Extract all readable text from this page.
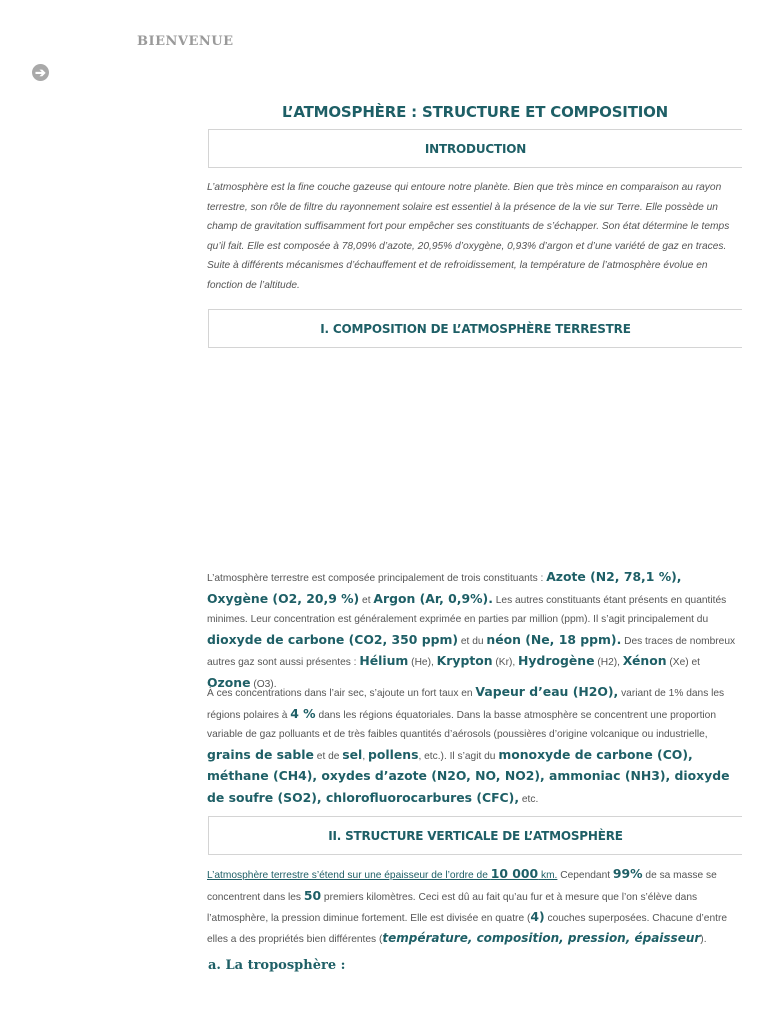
BIENVENUE
➔
L’ATMOSPHÈRE : STRUCTURE ET COMPOSITION
INTRODUCTION

L’atmosphère est la fine couche gazeuse qui entoure notre planète. Bien que très mince en comparaison au rayon terrestre, son rôle de filtre du rayonnement solaire est essentiel à la présence de la vie sur Terre. Elle possède un champ de gravitation suffisamment fort pour empêcher ses constituants de s’échapper. Son état détermine le temps qu’il fait. Elle est composée à 78,09% d’azote, 20,95% d’oxygène, 0,93% d’argon et d’une variété de gaz en traces. Suite à différents mécanismes d’échauffement et de refroidissement, la température de l’atmosphère évolue en fonction de l’altitude.

I. COMPOSITION DE L’ATMOSPHÈRE TERRESTRE

L’atmosphère terrestre est composée principalement de trois constituants : Azote (N2, 78,1 %), Oxygène (O2, 20,9 %) et Argon (Ar, 0,9%). Les autres constituants étant présents en quantités minimes. Leur concentration est généralement exprimée en parties par million (ppm). Il s’agit principalement du dioxyde de carbone (CO2, 350 ppm) et du néon (Ne, 18 ppm). Des traces de nombreux autres gaz sont aussi présentes : Hélium (He), Krypton (Kr), Hydrogène (H2), Xénon (Xe) et Ozone (O3).

À ces concentrations dans l’air sec, s’ajoute un fort taux en Vapeur d’eau (H2O), variant de 1% dans les régions polaires à 4 % dans les régions équatoriales. Dans la basse atmosphère se concentrent une proportion variable de gaz polluants et de très faibles quantités d’aérosols (poussières d’origine volcanique ou industrielle, grains de sable et de sel, pollens, etc.). Il s’agit du monoxyde de carbone (CO), méthane (CH4), oxydes d’azote (N2O, NO, NO2), ammoniac (NH3), dioxyde de soufre (SO2), chlorofluorocarbures (CFC), etc.

II. STRUCTURE VERTICALE DE L’ATMOSPHÈRE

L’atmosphère terrestre s’étend sur une épaisseur de l’ordre de 10 000 km. Cependant 99% de sa masse se concentrent dans les 50 premiers kilomètres. Ceci est dû au fait qu’au fur et à mesure que l’on s’élève dans l’atmosphère, la pression diminue fortement. Elle est divisée en quatre (4) couches superposées. Chacune d’entre elles a des propriétés bien différentes (température, composition, pression, épaisseur).

a. La troposphère :
